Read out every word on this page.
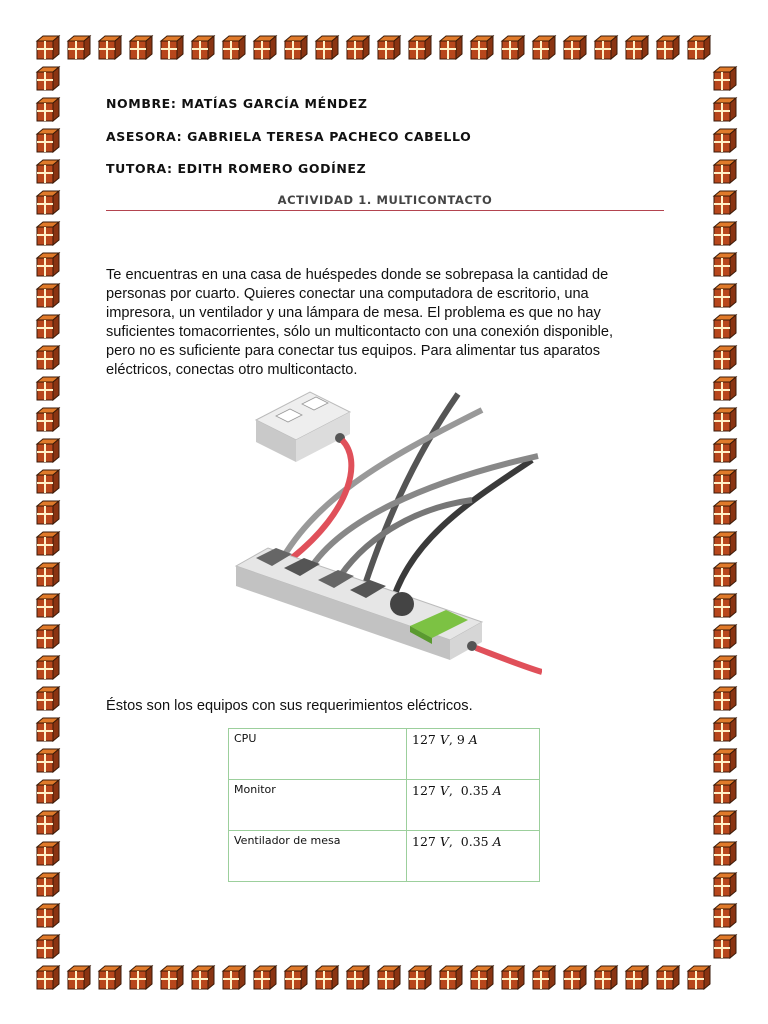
NOMBRE: MATÍAS GARCÍA MÉNDEZ
ASESORA: GABRIELA TERESA PACHECO CABELLO
TUTORA: EDITH ROMERO GODÍNEZ
ACTIVIDAD 1. MULTICONTACTO
Te encuentras en una casa de huéspedes donde se sobrepasa la cantidad de
personas por cuarto. Quieres conectar una computadora de escritorio, una
impresora, un ventilador y una lámpara de mesa. El problema es que no hay
suficientes tomacorrientes, sólo un multicontacto con una conexión disponible,
pero no es suficiente para conectar tus equipos. Para alimentar tus aparatos
eléctricos, conectas otro multicontacto.
Éstos son los equipos con sus requerimientos eléctricos.
CPU	127 V, 9 A
Monitor	127 V,  0.35 A
Ventilador de mesa	127 V,  0.35 A
